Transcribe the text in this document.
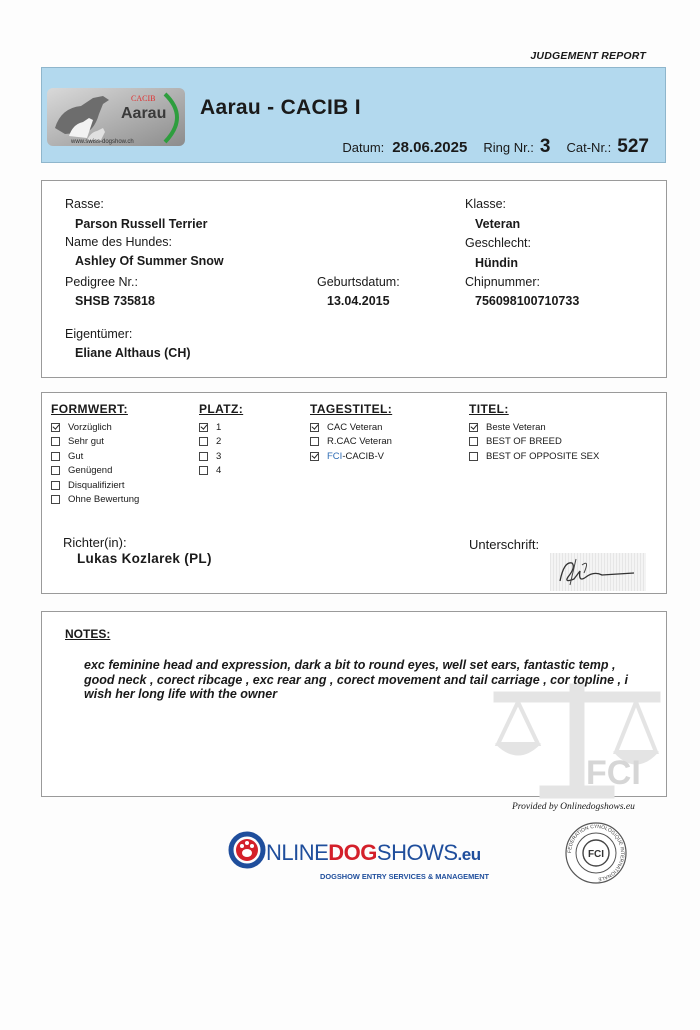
JUDGEMENT REPORT
CACIB
Aarau
www.swiss-dogshow.ch
Aarau - CACIB I
Datum: 28.06.2025 Ring Nr.: 3 Cat-Nr.: 527
Rasse:
Parson Russell Terrier
Name des Hundes:
Ashley Of Summer Snow
Pedigree Nr.:
SHSB 735818
Geburtsdatum:
13.04.2015
Klasse:
Veteran
Geschlecht:
Hündin
Chipnummer:
756098100710733
Eigentümer:
Eliane Althaus (CH)
FORMWERT:
Vorzüglich
Sehr gut
Gut
Genügend
Disqualifiziert
Ohne Bewertung
PLATZ:
1
2
3
4
TAGESTITEL:
CAC Veteran
R.CAC Veteran
FCI -CACIB-V
TITEL:
Beste Veteran
BEST OF BREED
BEST OF OPPOSITE SEX
Richter(in):
Lukas Kozlarek (PL)
Unterschrift:
FCI
NOTES:
exc feminine head and expression, dark a bit to round eyes, well set ears, fantastic temp , good neck , corect ribcage , exc rear ang , corect movement and tail carriage , cor topline , i wish her long life with the owner
Provided by Onlinedogshows.eu
NLINEDOGSHOWS.eu
DOGSHOW ENTRY SERVICES & MANAGEMENT
FEDERATION CYNOLOGIQUE INTERNATIONALE
FCI
